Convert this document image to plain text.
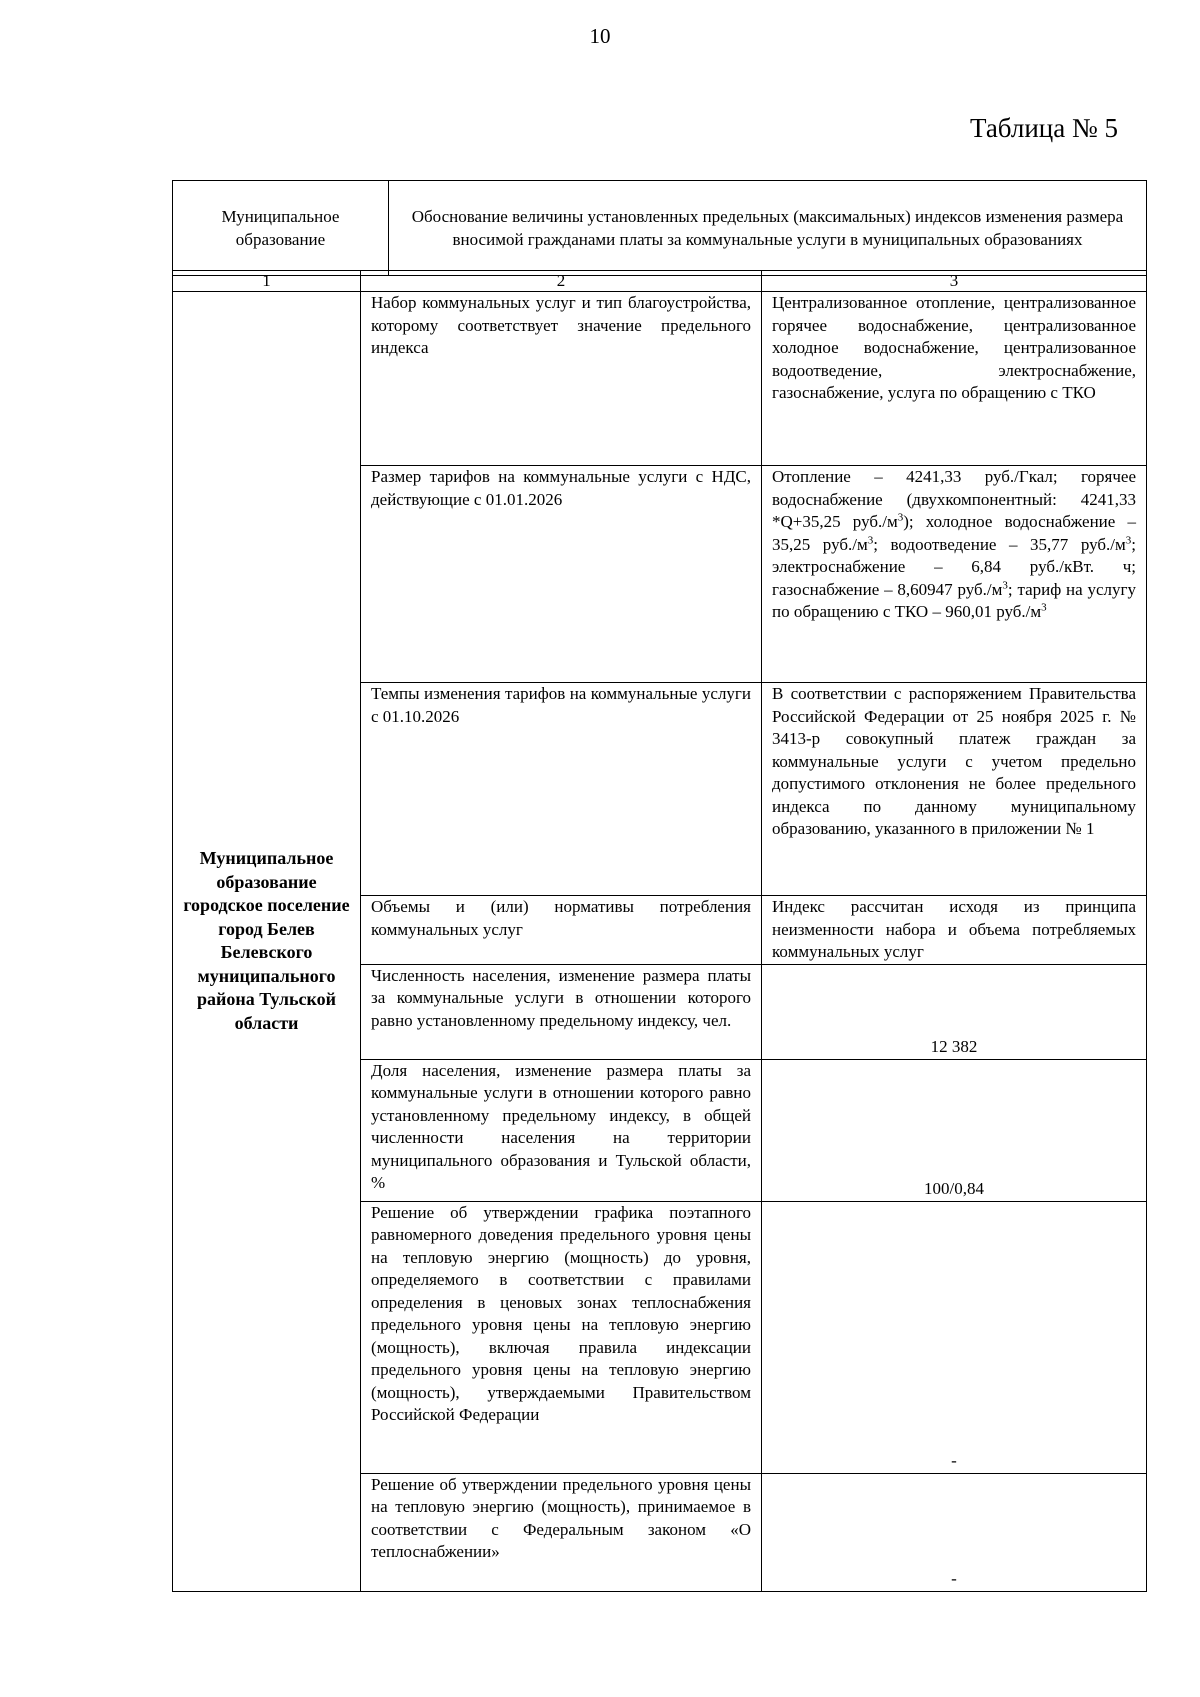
10
Таблица № 5
Муниципальное образование	Обоснование величины установленных предельных (максимальных) индексов изменения размера вносимой гражданами платы за коммунальные услуги в муниципальных образованиях
1	2	3
Муниципальное образование городское поселение город Белев Белевского муниципального района Тульской области	Набор коммунальных услуг и тип благоустройства, которому соответствует значение предельного индекса	Централизованное отопление, централизованное горячее водоснабжение, централизованное холодное водоснабжение, централизованное водоотведение, электроснабжение, газоснабжение, услуга по обращению с ТКО
	Размер тарифов на коммунальные услуги с НДС, действующие с 01.01.2026	Отопление – 4241,33 руб./Гкал; горячее водоснабжение (двухкомпонентный: 4241,33 *Q+35,25 $руб./м^3$); холодное водоснабжение – 35,25 $руб./м^3$; водоотведение – 35,77 $руб./м^3$; электроснабжение – 6,84 руб./кВт. ч; газоснабжение – 8,60947 $руб./м^3$; тариф на услугу по обращению с ТКО – 960,01 $руб./м^3$
	Темпы изменения тарифов на коммунальные услуги с 01.10.2026	В соответствии с распоряжением Правительства Российской Федерации от 25 ноября 2025 г. № 3413-р совокупный платеж граждан за коммунальные услуги с учетом предельно допустимого отклонения не более предельного индекса по данному муниципальному образованию, указанного в приложении № 1
	Объемы и (или) нормативы потребления коммунальных услуг	Индекс рассчитан исходя из принципа неизменности набора и объема потребляемых коммунальных услуг
	Численность населения, изменение размера платы за коммунальные услуги в отношении которого равно установленному предельному индексу, чел.	12 382
	Доля населения, изменение размера платы за коммунальные услуги в отношении которого равно установленному предельному индексу, в общей численности населения на территории муниципального образования и Тульской области, %	100/0,84
	Решение об утверждении графика поэтапного равномерного доведения предельного уровня цены на тепловую энергию (мощность) до уровня, определяемого в соответствии с правилами определения в ценовых зонах теплоснабжения предельного уровня цены на тепловую энергию (мощность), включая правила индексации предельного уровня цены на тепловую энергию (мощность), утверждаемыми Правительством Российской Федерации	-
	Решение об утверждении предельного уровня цены на тепловую энергию (мощность), принимаемое в соответствии с Федеральным законом «О теплоснабжении»	-
